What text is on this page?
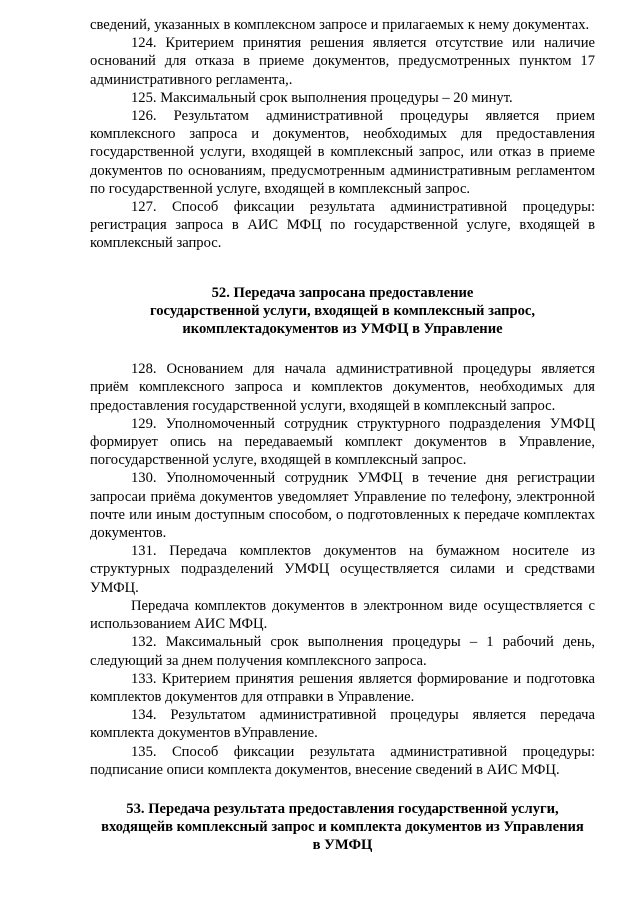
сведений, указанных в комплексном запросе и прилагаемых к нему документах.

124. Критерием принятия решения является отсутствие или наличие оснований для отказа в приеме документов, предусмотренных пунктом 17 административного регламента,.

125. Максимальный срок выполнения процедуры – 20 минут.

126. Результатом административной процедуры является прием комплексного запроса и документов, необходимых для предоставления государственной услуги, входящей в комплексный запрос, или отказ в приеме документов по основаниям, предусмотренным административным регламентом по государственной услуге, входящей в комплексный запрос.

127. Способ фиксации результата административной процедуры: регистрация запроса в АИС МФЦ по государственной услуге, входящей в комплексный запрос.

52. Передача запросана предоставление
государственной услуги, входящей в комплексный запрос,
икомплектадокументов из УМФЦ в Управление

128. Основанием для начала административной процедуры является приём комплексного запроса и комплектов документов, необходимых для предоставления государственной услуги, входящей в комплексный запрос.

129. Уполномоченный сотрудник структурного подразделения УМФЦ формирует опись на передаваемый комплект документов в Управление, погосударственной услуге, входящей в комплексный запрос.

130. Уполномоченный сотрудник УМФЦ в течение дня регистрации запросаи приёма документов уведомляет Управление по телефону, электронной почте или иным доступным способом, о подготовленных к передаче комплектах документов.

131. Передача комплектов документов на бумажном носителе из структурных подразделений УМФЦ осуществляется силами и средствами УМФЦ.

Передача комплектов документов в электронном виде осуществляется с использованием АИС МФЦ.

132. Максимальный срок выполнения процедуры – 1 рабочий день, следующий за днем получения комплексного запроса.

133. Критерием принятия решения является формирование и подготовка комплектов документов для отправки в Управление.

134. Результатом административной процедуры является передача комплекта документов вУправление.

135. Способ фиксации результата административной процедуры: подписание описи комплекта документов, внесение сведений в АИС МФЦ.

53. Передача результата предоставления государственной услуги,
входящейв комплексный запрос и комплекта документов из Управления
в УМФЦ
